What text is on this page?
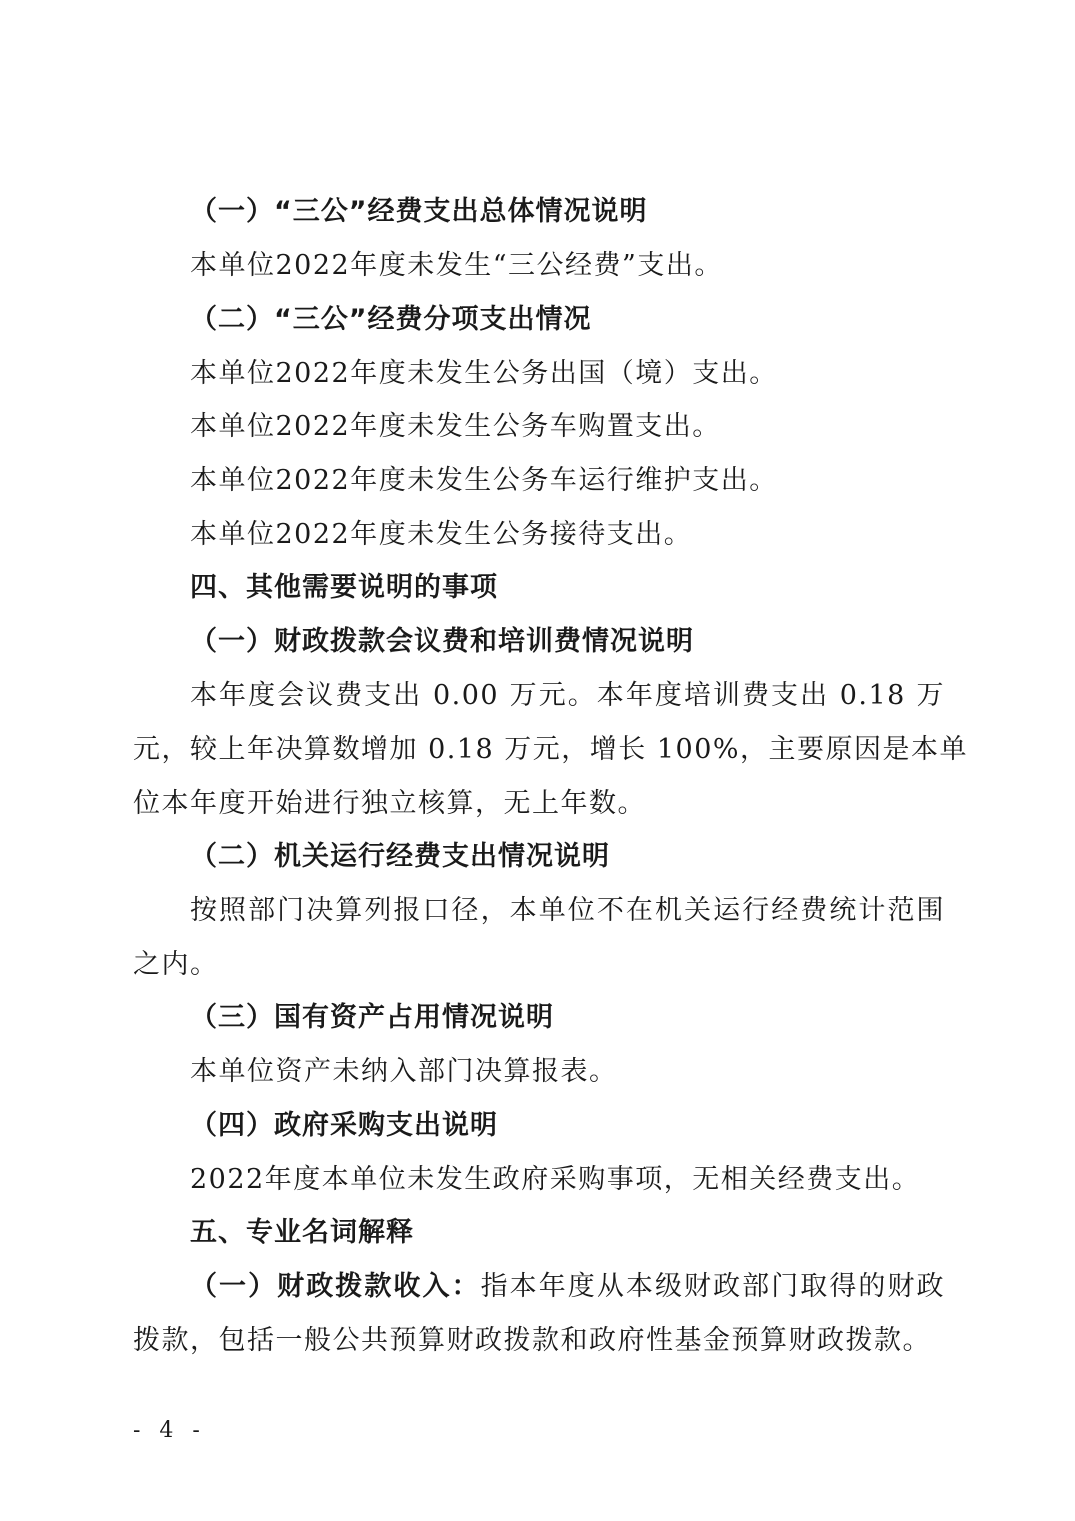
（一）“三公”经费支出总体情况说明
本单位2022年度未发生“三公经费”支出。
（二）“三公”经费分项支出情况
本单位2022年度未发生公务出国（境）支出。
本单位2022年度未发生公务车购置支出。
本单位2022年度未发生公务车运行维护支出。
本单位2022年度未发生公务接待支出。
四、其他需要说明的事项
（一）财政拨款会议费和培训费情况说明
本年度会议费支出 0.00 万元。本年度培训费支出 0.18 万
元，较上年决算数增加 0.18 万元，增长 100%，主要原因是本单
位本年度开始进行独立核算，无上年数。
（二）机关运行经费支出情况说明
按照部门决算列报口径，本单位不在机关运行经费统计范围
之内。
（三）国有资产占用情况说明
本单位资产未纳入部门决算报表。
（四）政府采购支出说明
2022年度本单位未发生政府采购事项，无相关经费支出。
五、专业名词解释
（一）财政拨款收入：指本年度从本级财政部门取得的财政
拨款，包括一般公共预算财政拨款和政府性基金预算财政拨款。
- 4 -
